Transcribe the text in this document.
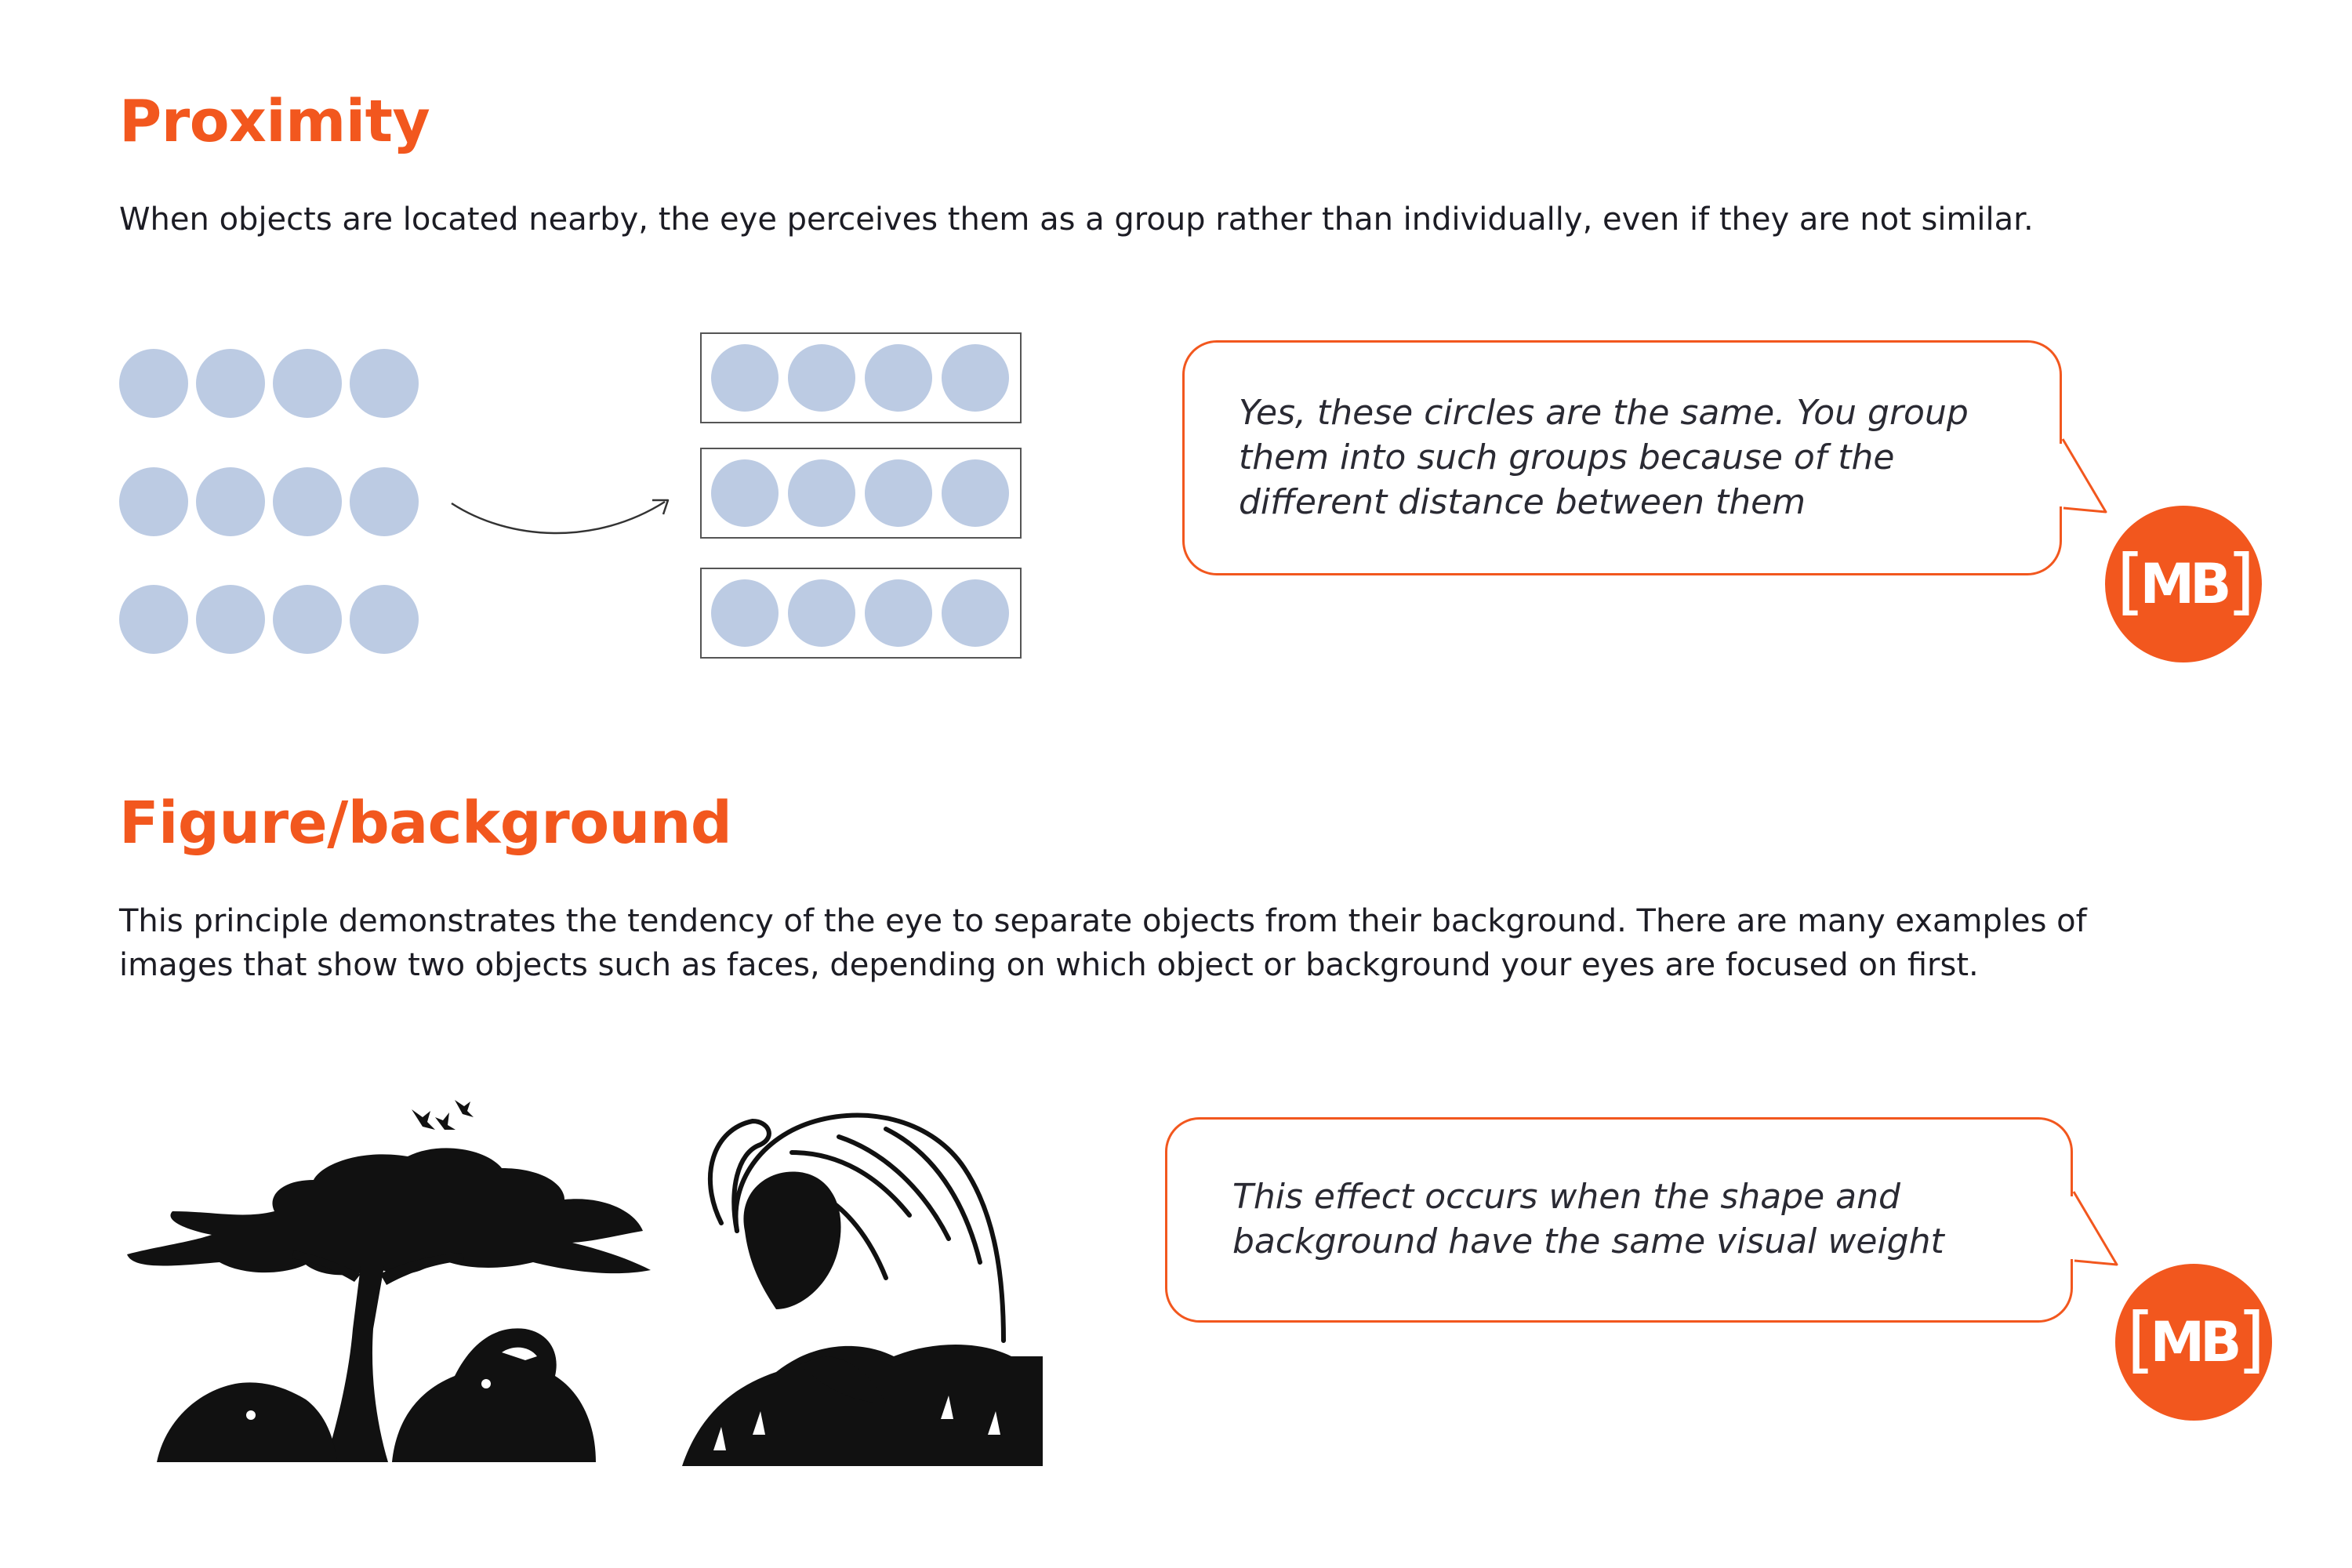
Proximity

When objects are located nearby, the eye perceives them as a group rather than individually, even if they are not similar.

Yes, these circles are the same. You group them into such groups because of the different distance between them

[ MB ]
Figure/background

This principle demonstrates the tendency of the eye to separate objects from their background. There are many examples of images that show two objects such as faces, depending on which object or background your eyes are focused on first.

This effect occurs when the shape and background have the same visual weight

[ MB ]
